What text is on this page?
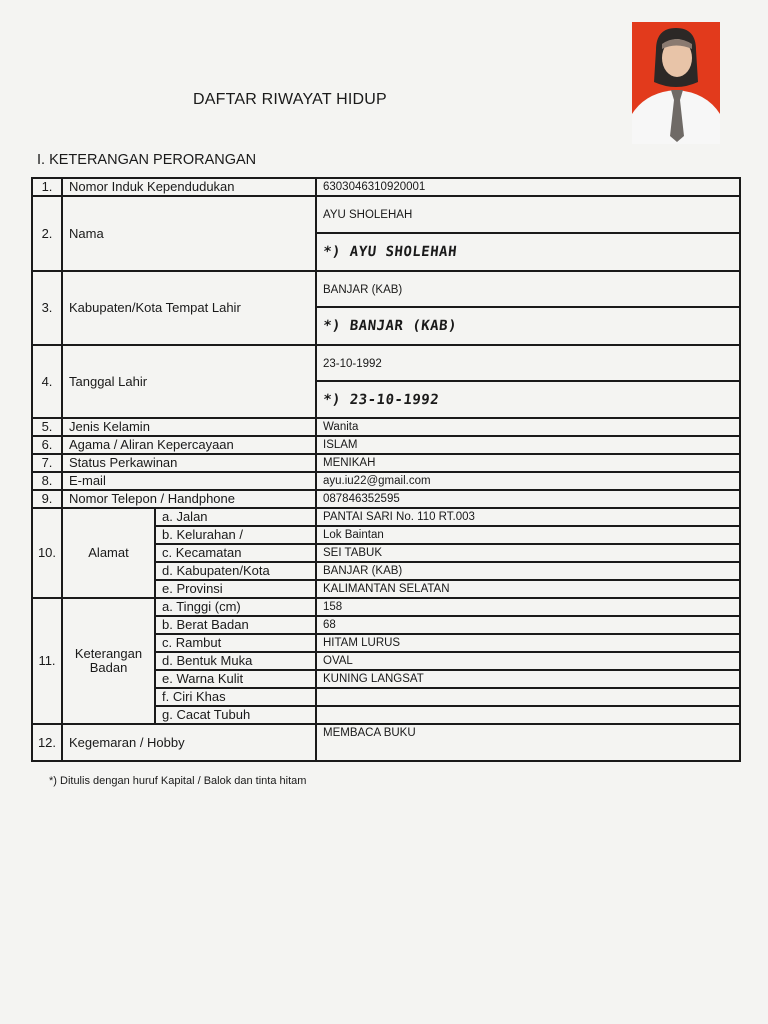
DAFTAR RIWAYAT HIDUP
I. KETERANGAN PERORANGAN
1.	Nomor Induk Kependudukan		6303046310920001
2.	Nama		AYU SHOLEHAH
			*) AYU SHOLEHAH
3.	Kabupaten/Kota Tempat Lahir		BANJAR (KAB)
			*) BANJAR (KAB)
4.	Tanggal Lahir		23-10-1992
			*) 23-10-1992
5.	Jenis Kelamin		Wanita
6.	Agama / Aliran Kepercayaan		ISLAM
7.	Status Perkawinan		MENIKAH
8.	E-mail		ayu.iu22@gmail.com
9.	Nomor Telepon / Handphone		087846352595
10.	Alamat	a. Jalan	PANTAI SARI No. 110 RT.003
		b. Kelurahan /	Lok Baintan
		c. Kecamatan	SEI TABUK
		d. Kabupaten/Kota	BANJAR (KAB)
		e. Provinsi	KALIMANTAN SELATAN
11.	Keterangan Badan	a. Tinggi (cm)	158
		b. Berat Badan	68
		c. Rambut	HITAM LURUS
		d. Bentuk Muka	OVAL
		e. Warna Kulit	KUNING LANGSAT
		f. Ciri Khas	
		g. Cacat Tubuh	
12.	Kegemaran / Hobby		MEMBACA BUKU
*) Ditulis dengan huruf Kapital / Balok dan tinta hitam
